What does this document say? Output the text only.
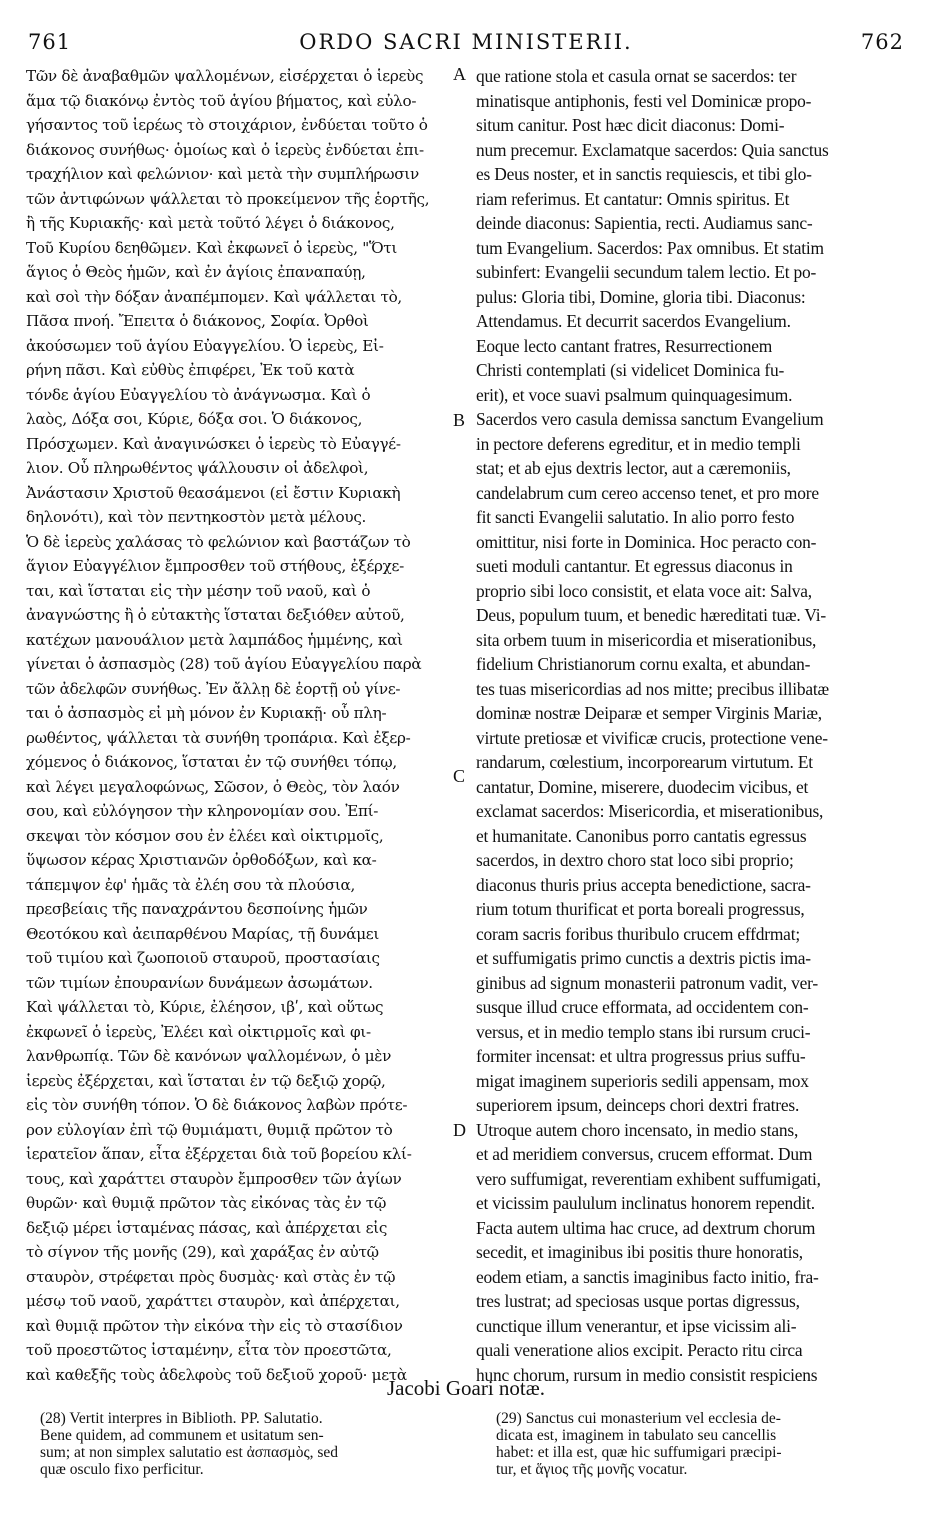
761	ORDO SACRI MINISTERII.	762
Τῶν δὲ ἀναβαθμῶν ψαλλομένων, εἰσέρχεται ὁ ἱερεὺς
ἅμα τῷ διακόνῳ ἐντὸς τοῦ ἁγίου βήματος, καὶ εὐλο-
γήσαντος τοῦ ἱερέως τὸ στοιχάριον, ἐνδύεται τοῦτο ὁ
διάκονος συνήθως· ὁμοίως καὶ ὁ ἱερεὺς ἐνδύεται ἐπι-
τραχήλιον καὶ φελώνιον· καὶ μετὰ τὴν συμπλήρωσιν
τῶν ἀντιφώνων ψάλλεται τὸ προκείμενον τῆς ἑορτῆς,
ἢ τῆς Κυριακῆς· καὶ μετὰ τοῦτό λέγει ὁ διάκονος,
Τοῦ Κυρίου δεηθῶμεν. Καὶ ἐκφωνεῖ ὁ ἱερεὺς, "Ὅτι
ἅγιος ὁ Θεὸς ἡμῶν, καὶ ἐν ἁγίοις ἐπαναπαύῃ,
καὶ σοὶ τὴν δόξαν ἀναπέμπομεν. Καὶ ψάλλεται τὸ,
Πᾶσα πνοή. Ἔπειτα ὁ διάκονος, Σοφία. Ὀρθοὶ
ἀκούσωμεν τοῦ ἁγίου Εὐαγγελίου. Ὁ ἱερεὺς, Εἰ-
ρήνη πᾶσι. Καὶ εὐθὺς ἐπιφέρει, Ἐκ τοῦ κατὰ
τόνδε ἁγίου Εὐαγγελίου τὸ ἀνάγνωσμα. Καὶ ὁ
λαὸς, Δόξα σοι, Κύριε, δόξα σοι. Ὁ διάκονος,
Πρόσχωμεν. Καὶ ἀναγινώσκει ὁ ἱερεὺς τὸ Εὐαγγέ-
λιον. Οὗ πληρωθέντος ψάλλουσιν οἱ ἀδελφοὶ,
Ἀνάστασιν Χριστοῦ θεασάμενοι (εἰ ἔστιν Κυριακὴ
δηλονότι), καὶ τὸν πεντηκοστὸν μετὰ μέλους.
Ὁ δὲ ἱερεὺς χαλάσας τὸ φελώνιον καὶ βαστάζων τὸ
ἅγιον Εὐαγγέλιον ἔμπροσθεν τοῦ στήθους, ἐξέρχε-
ται, καὶ ἵσταται εἰς τὴν μέσην τοῦ ναοῦ, καὶ ὁ
ἀναγνώστης ἢ ὁ εὐτακτὴς ἵσταται δεξιόθεν αὐτοῦ,
κατέχων μανουάλιον μετὰ λαμπάδος ἡμμένης, καὶ
γίνεται ὁ ἀσπασμὸς (28) τοῦ ἁγίου Εὐαγγελίου παρὰ
τῶν ἀδελφῶν συνήθως. Ἐν ἄλλῃ δὲ ἑορτῇ οὐ γίνε-
ται ὁ ἀσπασμὸς εἰ μὴ μόνον ἐν Κυριακῇ· οὗ πλη-
ρωθέντος, ψάλλεται τὰ συνήθη τροπάρια. Καὶ ἐξερ-
χόμενος ὁ διάκονος, ἵσταται ἐν τῷ συνήθει τόπῳ,
καὶ λέγει μεγαλοφώνως, Σῶσον, ὁ Θεὸς, τὸν λαόν
σου, καὶ εὐλόγησον τὴν κληρονομίαν σου. Ἐπί-
σκεψαι τὸν κόσμον σου ἐν ἐλέει καὶ οἰκτιρμοῖς,
ὕψωσον κέρας Χριστιανῶν ὀρθοδόξων, καὶ κα-
τάπεμψον ἐφ' ἡμᾶς τὰ ἐλέη σου τὰ πλούσια,
πρεσβείαις τῆς παναχράντου δεσποίνης ἡμῶν
Θεοτόκου καὶ ἀειπαρθένου Μαρίας, τῇ δυνάμει
τοῦ τιμίου καὶ ζωοποιοῦ σταυροῦ, προστασίαις
τῶν τιμίων ἐπουρανίων δυνάμεων ἀσωμάτων.
Καὶ ψάλλεται τὸ, Κύριε, ἐλέησον, ιβʹ, καὶ οὕτως
ἐκφωνεῖ ὁ ἱερεὺς, Ἐλέει καὶ οἰκτιρμοῖς καὶ φι-
λανθρωπίᾳ. Τῶν δὲ κανόνων ψαλλομένων, ὁ μὲν
ἱερεὺς ἐξέρχεται, καὶ ἵσταται ἐν τῷ δεξιῷ χορῷ,
εἰς τὸν συνήθη τόπον. Ὁ δὲ διάκονος λαβὼν πρότε-
ρον εὐλογίαν ἐπὶ τῷ θυμιάματι, θυμιᾷ πρῶτον τὸ
ἱερατεῖον ἅπαν, εἶτα ἐξέρχεται διὰ τοῦ βορείου κλί-
τους, καὶ χαράττει σταυρὸν ἔμπροσθεν τῶν ἁγίων
θυρῶν· καὶ θυμιᾷ πρῶτον τὰς εἰκόνας τὰς ἐν τῷ
δεξιῷ μέρει ἱσταμένας πάσας, καὶ ἀπέρχεται εἰς
τὸ σίγνον τῆς μονῆς (29), καὶ χαράξας ἐν αὐτῷ
σταυρὸν, στρέφεται πρὸς δυσμὰς· καὶ στὰς ἐν τῷ
μέσῳ τοῦ ναοῦ, χαράττει σταυρὸν, καὶ ἀπέρχεται,
καὶ θυμιᾷ πρῶτον τὴν εἰκόνα τὴν εἰς τὸ στασίδιον
τοῦ προεστῶτος ἱσταμένην, εἶτα τὸν προεστῶτα,
καὶ καθεξῆς τοὺς ἀδελφοὺς τοῦ δεξιοῦ χοροῦ· μετὰ
que ratione stola et casula ornat se sacerdos: ter
minatisque antiphonis, festi vel Dominicæ propo-
situm canitur. Post hæc dicit diaconus: Domi-
num precemur. Exclamatque sacerdos: Quia sanctus
es Deus noster, et in sanctis requiescis, et tibi glo-
riam referimus. Et cantatur: Omnis spiritus. Et
deinde diaconus: Sapientia, recti. Audiamus sanc-
tum Evangelium. Sacerdos: Pax omnibus. Et statim
subinfert: Evangelii secundum talem lectio. Et po-
pulus: Gloria tibi, Domine, gloria tibi. Diaconus:
Attendamus. Et decurrit sacerdos Evangelium.
Eoque lecto cantant fratres, Resurrectionem
Christi contemplati (si videlicet Dominica fu-
erit), et voce suavi psalmum quinquagesimum.
Sacerdos vero casula demissa sanctum Evangelium
in pectore deferens egreditur, et in medio templi
stat; et ab ejus dextris lector, aut a cæremoniis,
candelabrum cum cereo accenso tenet, et pro more
fit sancti Evangelii salutatio. In alio porro festo
omittitur, nisi forte in Dominica. Hoc peracto con-
sueti moduli cantantur. Et egressus diaconus in
proprio sibi loco consistit, et elata voce ait: Salva,
Deus, populum tuum, et benedic hæreditati tuæ. Vi-
sita orbem tuum in misericordia et miserationibus,
fidelium Christianorum cornu exalta, et abundan-
tes tuas misericordias ad nos mitte; precibus illibatæ
dominæ nostræ Deiparæ et semper Virginis Mariæ,
virtute pretiosæ et vivificæ crucis, protectione vene-
randarum, cœlestium, incorporearum virtutum. Et
cantatur, Domine, miserere, duodecim vicibus, et
exclamat sacerdos: Misericordia, et miserationibus,
et humanitate. Canonibus porro cantatis egressus
sacerdos, in dextro choro stat loco sibi proprio;
diaconus thuris prius accepta benedictione, sacra-
rium totum thurificat et porta boreali progressus,
coram sacris foribus thuribulo crucem effdrmat;
et suffumigatis primo cunctis a dextris pictis ima-
ginibus ad signum monasterii patronum vadit, ver-
susque illud cruce efformata, ad occidentem con-
versus, et in medio templo stans ibi rursum cruci-
formiter incensat: et ultra progressus prius suffu-
migat imaginem superioris sedili appensam, mox
superiorem ipsum, deinceps chori dextri fratres.
Utroque autem choro incensato, in medio stans,
et ad meridiem conversus, crucem efformat. Dum
vero suffumigat, reverentiam exhibent suffumigati,
et vicissim paululum inclinatus honorem rependit.
Facta autem ultima hac cruce, ad dextrum chorum
secedit, et imaginibus ibi positis thure honoratis,
eodem etiam, a sanctis imaginibus facto initio, fra-
tres lustrat; ad speciosas usque portas digressus,
cunctique illum venerantur, et ipse vicissim ali-
quali veneratione alios excipit. Peracto ritu circa
hunc chorum, rursum in medio consistit respiciens
A
B
C
D
Jacobi Goari notæ.
(28) Vertit interpres in Biblioth. PP. Salutatio.
Bene quidem, ad communem et usitatum sen-
sum; at non simplex salutatio est ἀσπασμὸς, sed
quæ osculo fixo perficitur.
(29) Sanctus cui monasterium vel ecclesia de-
dicata est, imaginem in tabulato seu cancellis
habet: et illa est, quæ hic suffumigari præcipi-
tur, et ἅγιος τῆς μονῆς vocatur.
